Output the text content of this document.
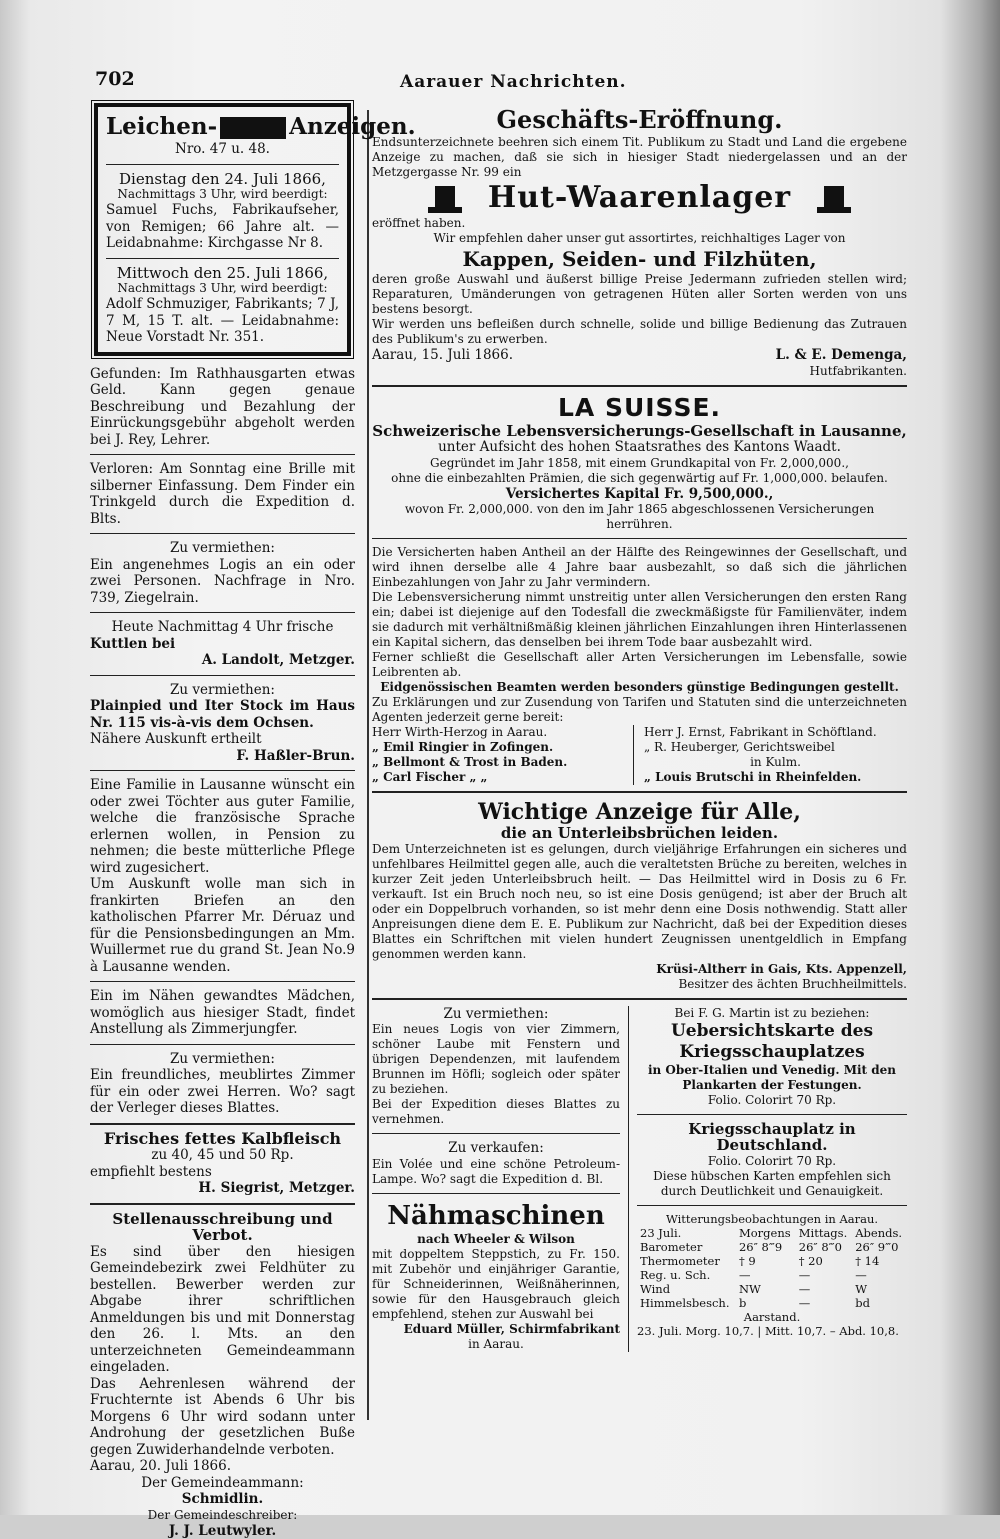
702	Aarauer Nachrichten.
Leichen-	Anzeigen.

Nro. 47 u. 48.

Dienstag den 24. Juli 1866,

Nachmittags 3 Uhr, wird beerdigt:

Samuel Fuchs, Fabrikaufseher, von Remigen; 66 Jahre alt. — Leidabnahme: Kirchgasse Nr 8.

Mittwoch den 25. Juli 1866,

Nachmittags 3 Uhr, wird beerdigt:

Adolf Schmuziger, Fabrikants; 7 J, 7 M, 15 T. alt. — Leidabnahme: Neue Vorstadt Nr. 351.

Gefunden: Im Rathhausgarten etwas Geld. Kann gegen genaue Beschreibung und Bezahlung der Einrückungsgebühr abgeholt werden bei J. Rey, Lehrer.

Verloren: Am Sonntag eine Brille mit silberner Einfassung. Dem Finder ein Trinkgeld durch die Expedition d. Blts.

Zu vermiethen:

Ein angenehmes Logis an ein oder zwei Personen. Nachfrage in Nro. 739, Ziegelrain.

Heute Nachmittag 4 Uhr frische

Kuttlen bei

A. Landolt, Metzger.

Zu vermiethen:

Plainpied und Iter Stock im Haus Nr. 115 vis-à-vis dem Ochsen.

Nähere Auskunft ertheilt

F. Haßler-Brun.

Eine Familie in Lausanne wünscht ein oder zwei Töchter aus guter Familie, welche die französische Sprache erlernen wollen, in Pension zu nehmen; die beste mütterliche Pflege wird zugesichert.

Um Auskunft wolle man sich in frankirten Briefen an den katholischen Pfarrer Mr. Déruaz und für die Pensionsbedingungen an Mm. Wuillermet rue du grand St. Jean No.9 à Lausanne wenden.

Ein im Nähen gewandtes Mädchen, womöglich aus hiesiger Stadt, findet Anstellung als Zimmerjungfer.

Zu vermiethen:

Ein freundliches, meublirtes Zimmer für ein oder zwei Herren. Wo? sagt der Verleger dieses Blattes.

Frisches fettes Kalbfleisch

zu 40, 45 und 50 Rp.

empfiehlt bestens

H. Siegrist, Metzger.

Stellenausschreibung und Verbot.

Es sind über den hiesigen Gemeindebezirk zwei Feldhüter zu bestellen. Bewerber werden zur Abgabe ihrer schriftlichen Anmeldungen bis und mit Donnerstag den 26. l. Mts. an den unterzeichneten Gemeindeammann eingeladen.

Das Aehrenlesen während der Fruchternte ist Abends 6 Uhr bis Morgens 6 Uhr wird sodann unter Androhung der gesetzlichen Buße gegen Zuwiderhandelnde verboten.

Aarau, 20. Juli 1866.

Der Gemeindeammann:

Schmidlin.

Der Gemeindeschreiber:

J. J. Leutwyler.

Geschäfts-Eröffnung.

Endsunterzeichnete beehren sich einem Tit. Publikum zu Stadt und Land die ergebene Anzeige zu machen, daß sie sich in hiesiger Stadt niedergelassen und an der Metzgergasse Nr. 99 ein

Hut-Waarenlager

eröffnet haben.

Wir empfehlen daher unser gut assortirtes, reichhaltiges Lager von

Kappen, Seiden- und Filzhüten,

deren große Auswahl und äußerst billige Preise Jedermann zufrieden stellen wird; Reparaturen, Umänderungen von getragenen Hüten aller Sorten werden von uns bestens besorgt.

Wir werden uns befleißen durch schnelle, solide und billige Bedienung das Zutrauen des Publikum's zu erwerben.

Aarau, 15. Juli 1866.	L. & E. Demenga,

Hutfabrikanten.

LA SUISSE.

Schweizerische Lebensversicherungs-Gesellschaft in Lausanne,

unter Aufsicht des hohen Staatsrathes des Kantons Waadt.

Gegründet im Jahr 1858, mit einem Grundkapital von Fr. 2,000,000.,

ohne die einbezahlten Prämien, die sich gegenwärtig auf Fr. 1,000,000. belaufen.

Versichertes Kapital Fr. 9,500,000.,

wovon Fr. 2,000,000. von den im Jahr 1865 abgeschlossenen Versicherungen herrühren.

Die Versicherten haben Antheil an der Hälfte des Reingewinnes der Gesellschaft, und wird ihnen derselbe alle 4 Jahre baar ausbezahlt, so daß sich die jährlichen Einbezahlungen von Jahr zu Jahr vermindern.

Die Lebensversicherung nimmt unstreitig unter allen Versicherungen den ersten Rang ein; dabei ist diejenige auf den Todesfall die zweckmäßigste für Familienväter, indem sie dadurch mit verhältnißmäßig kleinen jährlichen Einzahlungen ihren Hinterlassenen ein Kapital sichern, das denselben bei ihrem Tode baar ausbezahlt wird.

Ferner schließt die Gesellschaft aller Arten Versicherungen im Lebensfalle, sowie Leibrenten ab.

Eidgenössischen Beamten werden besonders günstige Bedingungen gestellt.

Zu Erklärungen und zur Zusendung von Tarifen und Statuten sind die unterzeichneten Agenten jederzeit gerne bereit:

Herr Wirth-Herzog in Aarau.

„ Emil Ringier in Zofingen.

„ Bellmont & Trost in Baden.

„ Carl Fischer „ „

Herr J. Ernst, Fabrikant in Schöftland.

„ R. Heuberger, Gerichtsweibel

in Kulm.

„ Louis Brutschi in Rheinfelden.

Wichtige Anzeige für Alle,

die an Unterleibsbrüchen leiden.

Dem Unterzeichneten ist es gelungen, durch vieljährige Erfahrungen ein sicheres und unfehlbares Heilmittel gegen alle, auch die veraltetsten Brüche zu bereiten, welches in kurzer Zeit jeden Unterleibsbruch heilt. — Das Heilmittel wird in Dosis zu 6 Fr. verkauft. Ist ein Bruch noch neu, so ist eine Dosis genügend; ist aber der Bruch alt oder ein Doppelbruch vorhanden, so ist mehr denn eine Dosis nothwendig. Statt aller Anpreisungen diene dem E. E. Publikum zur Nachricht, daß bei der Expedition dieses Blattes ein Schriftchen mit vielen hundert Zeugnissen unentgeldlich in Empfang genommen werden kann.

Krüsi-Altherr in Gais, Kts. Appenzell,

Besitzer des ächten Bruchheilmittels.

Zu vermiethen:

Ein neues Logis von vier Zimmern, schöner Laube mit Fenstern und übrigen Dependenzen, mit laufendem Brunnen im Höfli; sogleich oder später zu beziehen.

Bei der Expedition dieses Blattes zu vernehmen.

Zu verkaufen:

Ein Volée und eine schöne Petroleum-Lampe. Wo? sagt die Expedition d. Bl.

Nähmaschinen

nach Wheeler & Wilson

mit doppeltem Steppstich, zu Fr. 150. mit Zubehör und einjähriger Garantie, für Schneiderinnen, Weißnäherinnen, sowie für den Hausgebrauch gleich empfehlend, stehen zur Auswahl bei

Eduard Müller, Schirmfabrikant

in Aarau.

Bei F. G. Martin ist zu beziehen:

Uebersichtskarte des Kriegsschauplatzes

in Ober-Italien und Venedig. Mit den Plankarten der Festungen.

Folio. Colorirt 70 Rp.

Kriegsschauplatz in Deutschland.

Folio. Colorirt 70 Rp.

Diese hübschen Karten empfehlen sich durch Deutlichkeit und Genauigkeit.

Witterungsbeobachtungen in Aarau.

23 Juli.	Morgens	Mittags.	Abends.
Barometer	26″ 8‴9	26″ 8‴0	26″ 9‴0
Thermometer	† 9	† 20	† 14
Reg. u. Sch.	—	—	—
Wind	NW	—	W
Himmelsbesch.	b	—	bd

Aarstand.

23. Juli. Morg. 10,7. | Mitt. 10,7. – Abd. 10,8.
